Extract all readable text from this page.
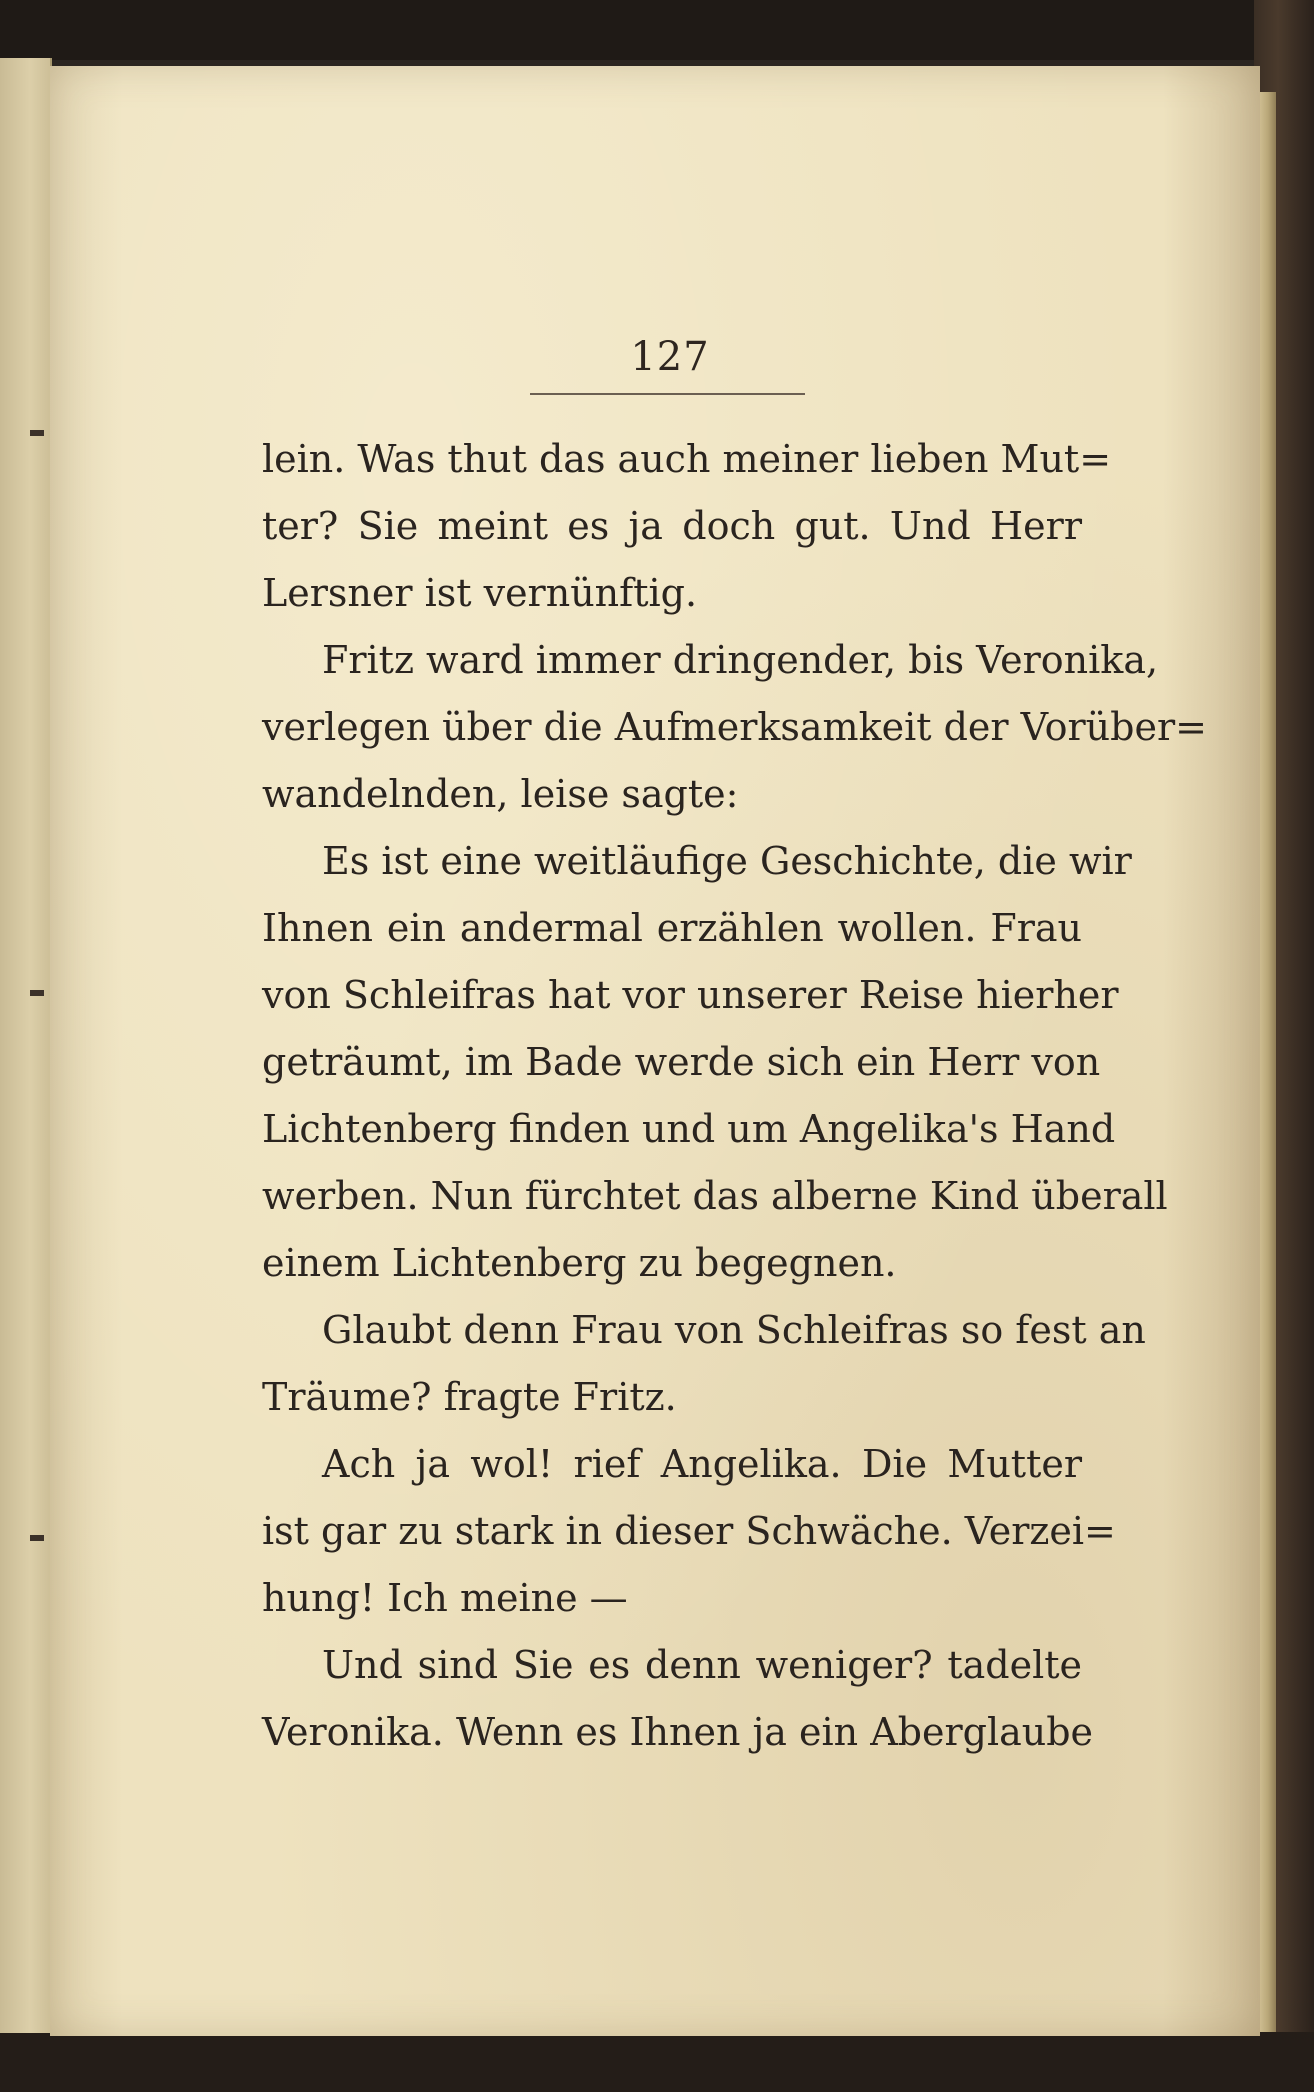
127
lein. Was thut das auch meiner lieben Mut=
ter? Sie meint es ja doch gut. Und Herr
Lersner ist vernünftig.
Fritz ward immer dringender, bis Veronika,
verlegen über die Aufmerksamkeit der Vorüber=
wandelnden, leise sagte:
Es ist eine weitläufige Geschichte, die wir
Ihnen ein andermal erzählen wollen. Frau
von Schleifras hat vor unserer Reise hierher
geträumt, im Bade werde sich ein Herr von
Lichtenberg finden und um Angelika's Hand
werben. Nun fürchtet das alberne Kind überall
einem Lichtenberg zu begegnen.
Glaubt denn Frau von Schleifras so fest an
Träume? fragte Fritz.
Ach ja wol! rief Angelika. Die Mutter
ist gar zu stark in dieser Schwäche. Verzei=
hung! Ich meine —
Und sind Sie es denn weniger? tadelte
Veronika. Wenn es Ihnen ja ein Aberglaube
